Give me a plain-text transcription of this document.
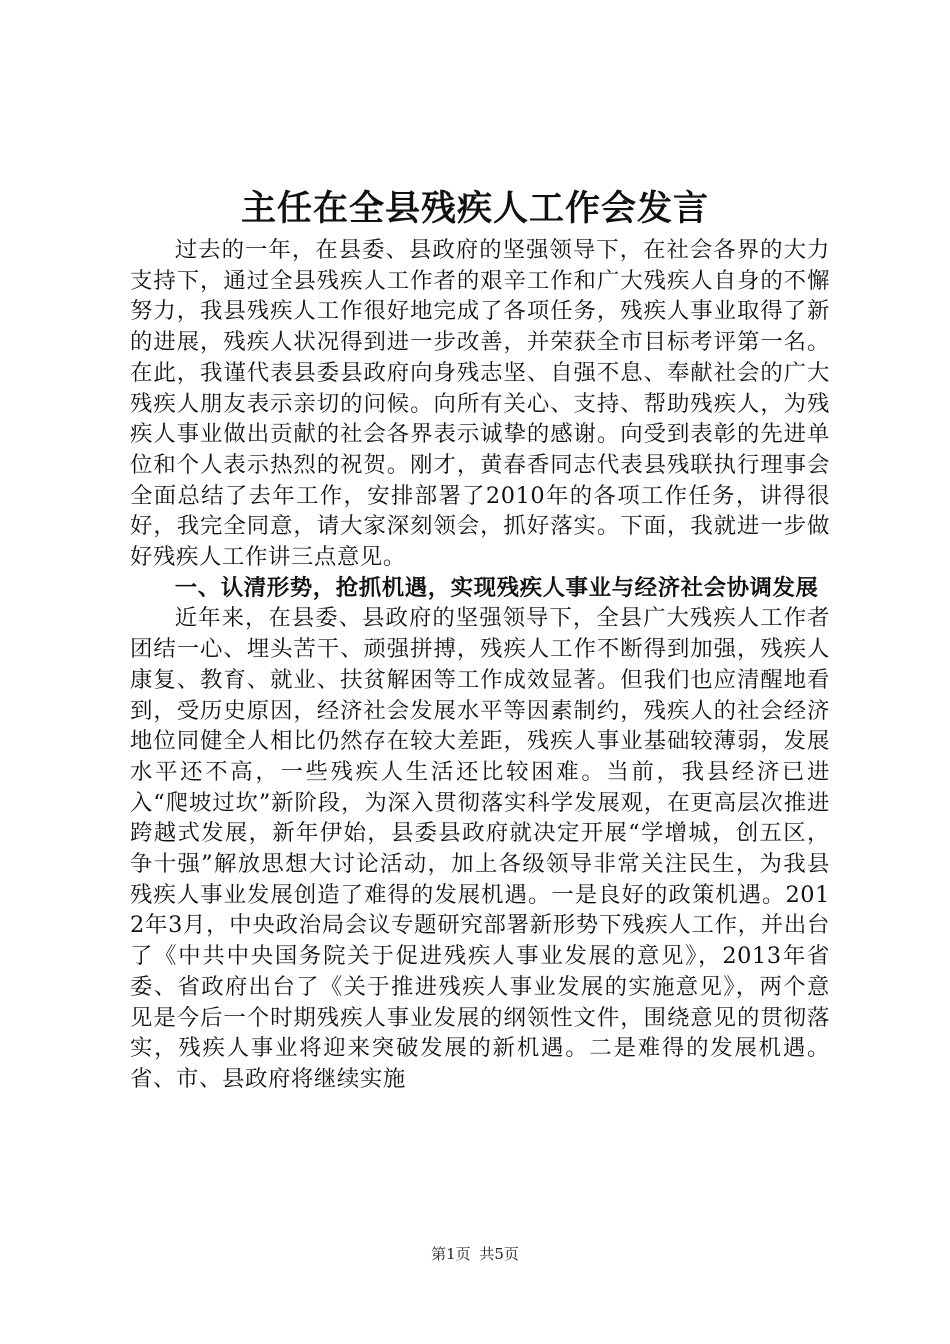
主任在全县残疾人工作会发言

过去的一年，在县委、县政府的坚强领导下，在社会各界的大力支持下，通过全县残疾人工作者的艰辛工作和广大残疾人自身的不懈努力，我县残疾人工作很好地完成了各项任务，残疾人事业取得了新的进展，残疾人状况得到进一步改善，并荣获全市目标考评第一名。在此，我谨代表县委县政府向身残志坚、自强不息、奉献社会的广大残疾人朋友表示亲切的问候。向所有关心、支持、帮助残疾人，为残疾人事业做出贡献的社会各界表示诚挚的感谢。向受到表彰的先进单位和个人表示热烈的祝贺。刚才，黄春香同志代表县残联执行理事会全面总结了去年工作，安排部署了2010年的各项工作任务，讲得很好，我完全同意，请大家深刻领会，抓好落实。下面，我就进一步做好残疾人工作讲三点意见。

一、认清形势，抢抓机遇，实现残疾人事业与经济社会协调发展

近年来，在县委、县政府的坚强领导下，全县广大残疾人工作者团结一心、埋头苦干、顽强拼搏，残疾人工作不断得到加强，残疾人康复、教育、就业、扶贫解困等工作成效显著。但我们也应清醒地看到，受历史原因，经济社会发展水平等因素制约，残疾人的社会经济地位同健全人相比仍然存在较大差距，残疾人事业基础较薄弱，发展水平还不高，一些残疾人生活还比较困难。当前，我县经济已进入“爬坡过坎”新阶段，为深入贯彻落实科学发展观，在更高层次推进跨越式发展，新年伊始，县委县政府就决定开展“学增城，创五区，争十强”解放思想大讨论活动，加上各级领导非常关注民生，为我县残疾人事业发展创造了难得的发展机遇。一是良好的政策机遇。2012年3月，中央政治局会议专题研究部署新形势下残疾人工作，并出台了《中共中央国务院关于促进残疾人事业发展的意见》，2013年省委、省政府出台了《关于推进残疾人事业发展的实施意见》，两个意见是今后一个时期残疾人事业发展的纲领性文件，围绕意见的贯彻落实，残疾人事业将迎来突破发展的新机遇。二是难得的发展机遇。省、市、县政府将继续实施

第1页 共5页
